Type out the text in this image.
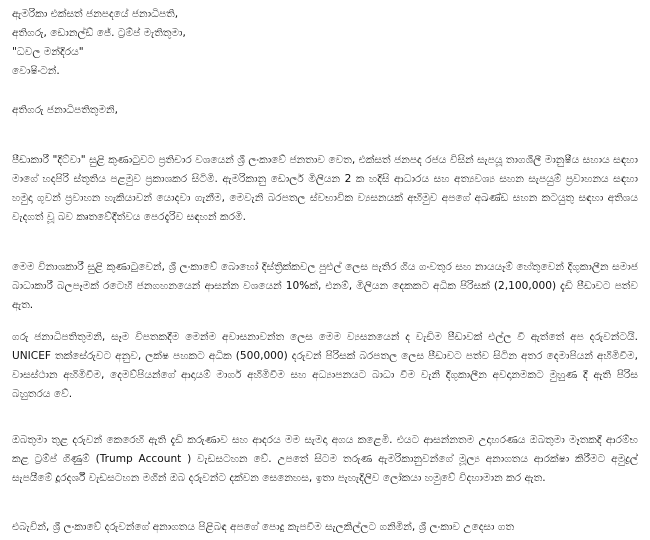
ඇමරිකා එක්සත් ජනපදයේ ජනාධිපති,
අතිගරු, ඩොනල්ඩ් ජේ. ට්‍රම්ප් මැතිතුමා,
"ධවල මන්දිරය"
වොෂිංටන්.
අතිගරු ජනාධිපතිතුමනි,

පීඩාකාරී "දිට්වා" සුළි කුණාටුවට ප්‍රතිචාර වශයෙන් ශ්‍රී ලංකාවේ ජනතාව වෙත, එක්සත් ජනපද රජය විසින් සැපයූ තාගශීලී මානුෂීය සහාය සඳහා මාගේ හදපිරි ස්තූතිය පළමුව ප්‍රකාශකර සිටිමි. ඇමරිකානු ඩොලර් මිලියන 2 ක හදිසි ආධාරය සහ අත්‍යවශ්‍ය සහන සැපයුම් ප්‍රවාහනය සඳහා හමුදා ගුවන් ප්‍රවාහන හැකියාවන් යොදවා ගැනීම, මෙවැනි බරපතල ස්වභාවික ව්‍යසනයක් අභිමුව අපගේ අඛණ්ඩ සහන කටයුතු සඳහා අතිශය වැදගත් වූ බව කෘතවේදීත්වය පෙරදැරිව සඳහන් කරමි.

මෙම විනාශකාරී සුළි කුණාටුවෙන්, ශ්‍රී ලංකාවේ බොහෝ දිස්ත්‍රික්කවල පුළුල් ලෙස පැතිර ගිය ගංවතුර සහ නායයෑම් හේතුවෙන් දිගුකාලීන සමාජ බාධාකාරී බලපෑමක් රටෙහි ජනගහනයෙන් ආසන්න වශයෙන් 10%ක්, එනම්, මිලියන දෙකකට අධික පිරිසක් (2,100,000) දැඩි පීඩාවට පත්ව ඇත.

ගරු ජනාධිපතිතුමනි, සෑම විපතකදීම මෙන්ම අවාසනාවන්ත ලෙස මෙම ව්‍යසනයෙන් ද වැඩිම පීඩාවක් එල්ල වී ඇත්තේ අප දරුවන්ටයි. UNICEF තක්සේරුවට අනුව, ලක්ෂ පහකට අධික (500,000) දරුවන් පිරිසක් බරපතල ලෙස පීඩාවට පත්ව සිටින අතර දෙමාපියන් අහිමිවීම, වාසස්ථාන අහිමිවීම, දෙමව්පියන්ගේ ආදායම් මාර්ග අහිමිවීම සහ අධ්‍යාපනයට බාධා වීම වැනි දිගුකාලීන අවදානමකට මුහුණ දී ඇති පිරිස බහුතරය වේ.

ඔබතුමා තුළ දරුවන් කෙරෙහි ඇති දැඩි කරුණාව සහ ආදරය මම සැමදා අගය කළෙමි. එයට ආසන්නතම උදාහරණය ඔබතුමා මෑතකදී ආරම්භ කළ ට්‍රම්ප් ගිණුම් (Trump Account ) වැඩසටහන වේ. උපතේ සිටම තරුණ ඇමරිකානුවන්ගේ මූල්‍ය අනාගතය ආරක්ෂා කිරීමට අමුද්‍රල් සැපයීමේ දූරදර්ශී වැඩසටහන මගින් ඔබ දරුවන්ට දක්වන සෙනෙහස, ඉතා පැහැදිලිව ලෝකයා හමුවේ විදහාමාන කර ඇත.

එබැවින්, ශ්‍රී ලංකාවේ දරුවන්ගේ අනාගතය පිළිබඳ අපගේ පොදු කැපවීම සැලකිල්ලට ගනිමින්, ශ්‍රී ලංකාව උදෙසා ගත
